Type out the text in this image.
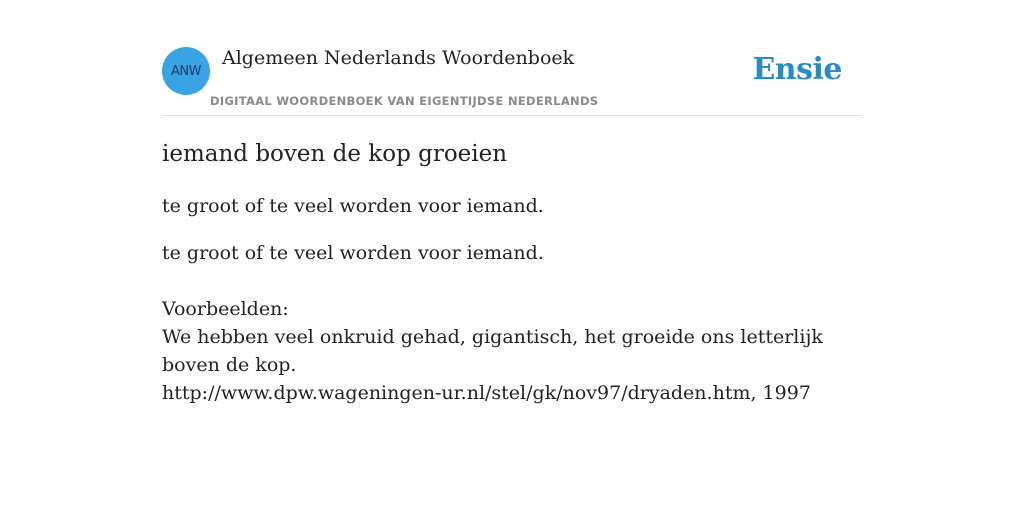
ANW
Algemeen Nederlands Woordenboek
DIGITAAL WOORDENBOEK VAN EIGENTIJDSE NEDERLANDS
Ensie
iemand boven de kop groeien
te groot of te veel worden voor iemand.
te groot of te veel worden voor iemand.
Voorbeelden:
We hebben veel onkruid gehad, gigantisch, het groeide ons letterlijk boven de kop.
http://www.dpw.wageningen-ur.nl/stel/gk/nov97/dryaden.htm, 1997
